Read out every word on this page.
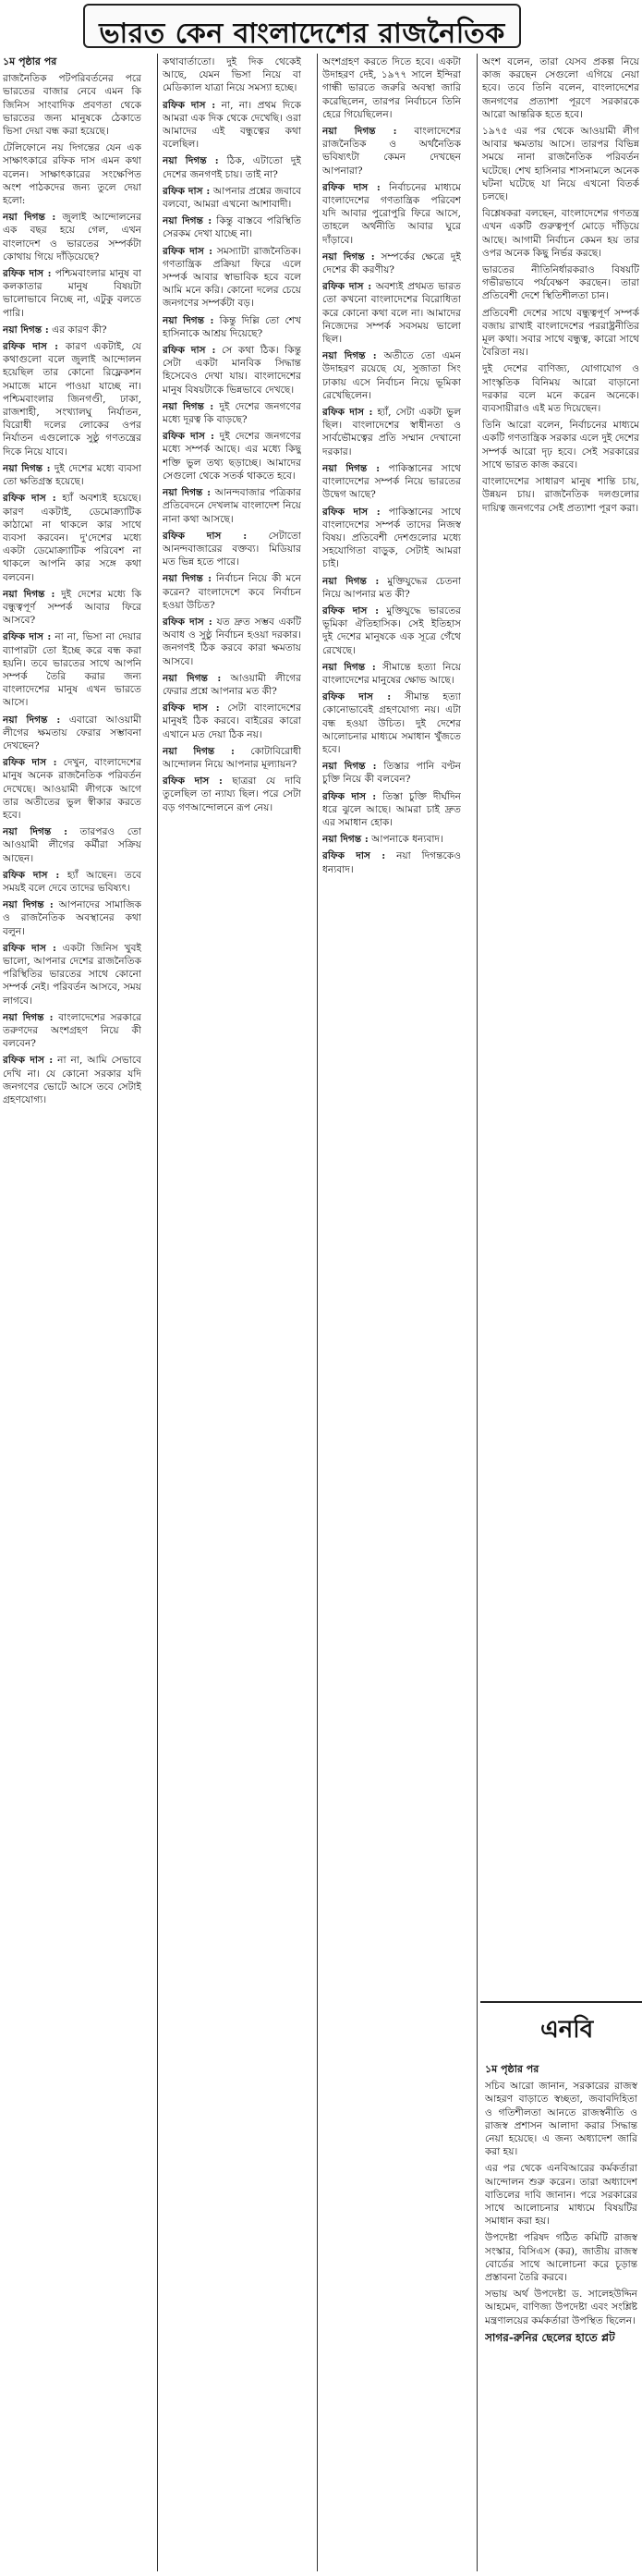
ভারত কেন বাংলাদেশের রাজনৈতিক
১ম পৃষ্ঠার পর

রাজনৈতিক পটপরিবর্তনের পরে ভারতের বাজার নেবে এমন কি জিনিস সাংবাদিক প্রবণতা থেকে ভারতের জন্য মানুষকে ঠেকাতে ভিসা দেয়া বন্ধ করা হয়েছে।

টেলিফোনে নয় দিগন্তের যেন এক সাক্ষাৎকারে রফিক দাস এমন কথা বলেন। সাক্ষাৎকারের সংক্ষেপিত অংশ পাঠকদের জন্য তুলে দেয়া হলো:

নয়া দিগন্ত : জুলাই আন্দোলনের এক বছর হয়ে গেল, এখন বাংলাদেশ ও ভারতের সম্পর্কটা কোথায় গিয়ে দাঁড়িয়েছে?

রফিক দাস : পশ্চিমবাংলার মানুষ বা কলকাতার মানুষ বিষয়টা ভালোভাবে নিচ্ছে না, এটুকু বলতে পারি।

নয়া দিগন্ত : এর কারণ কী?

রফিক দাস : কারণ একটাই, যে কথাগুলো বলে জুলাই আন্দোলন হয়েছিল তার কোনো রিফ্লেকশন সমাজে মানে পাওয়া যাচ্ছে না। পশ্চিমবাংলার জিনগণ্ডী, ঢাকা, রাজশাহী, সংখ্যালঘু নির্যাতন, বিরোধী দলের লোকের ওপর নির্যাতন এগুলোকে সুষ্ঠু গণতন্ত্রের দিকে নিয়ে যাবে।

নয়া দিগন্ত : দুই দেশের মধ্যে ব্যবসা তো ক্ষতিগ্রস্ত হয়েছে।

রফিক দাস : হ্যাঁ অবশ্যই হয়েছে। কারণ একটাই, ডেমোক্র্যাটিক কাঠামো না থাকলে কার সাথে ব্যবসা করবেন। দু'দেশের মধ্যে একটা ডেমোক্র্যাটিক পরিবেশ না থাকলে আপনি কার সঙ্গে কথা বলবেন।

নয়া দিগন্ত : দুই দেশের মধ্যে কি বন্ধুত্বপূর্ণ সম্পর্ক আবার ফিরে আসবে?

রফিক দাস : না না, ভিসা না দেয়ার ব্যাপারটা তো ইচ্ছে করে বন্ধ করা হয়নি। তবে ভারতের সাথে আপনি সম্পর্ক তৈরি করার জন্য বাংলাদেশের মানুষ এখন ভারতে আসে।

নয়া দিগন্ত : এবারো আওয়ামী লীগের ক্ষমতায় ফেরার সম্ভাবনা দেখছেন?

রফিক দাস : দেখুন, বাংলাদেশের মানুষ অনেক রাজনৈতিক পরিবর্তন দেখেছে। আওয়ামী লীগকে আগে তার অতীতের ভুল স্বীকার করতে হবে।

নয়া দিগন্ত : তারপরও তো আওয়ামী লীগের কর্মীরা সক্রিয় আছেন।

রফিক দাস : হ্যাঁ আছেন। তবে সময়ই বলে দেবে তাদের ভবিষ্যৎ।

নয়া দিগন্ত : আপনাদের সামাজিক ও রাজনৈতিক অবস্থানের কথা বলুন।

রফিক দাস : একটা জিনিস খুবই ভালো, আপনার দেশের রাজনৈতিক পরিস্থিতির ভারতের সাথে কোনো সম্পর্ক নেই। পরিবর্তন আসবে, সময় লাগবে।

নয়া দিগন্ত : বাংলাদেশের সরকারে তরুণদের অংশগ্রহণ নিয়ে কী বলবেন?

রফিক দাস : না না, আমি সেভাবে দেখি না। যে কোনো সরকার যদি জনগণের ভোটে আসে তবে সেটাই গ্রহণযোগ্য।

কথাবার্তাতো। দুই দিক থেকেই আছে, যেমন ভিসা নিয়ে বা মেডিক্যাল যাত্রা নিয়ে সমস্যা হচ্ছে।

রফিক দাস : না, না। প্রথম দিকে আমরা এক দিক থেকে দেখেছি। ওরা আমাদের এই বন্ধুত্বের কথা বলেছিল।

নয়া দিগন্ত : ঠিক, এটাতো দুই দেশের জনগণই চায়। তাই না?

রফিক দাস : আপনার প্রশ্নের জবাবে বলবো, আমরা এখনো আশাবাদী।

নয়া দিগন্ত : কিন্তু বাস্তবে পরিস্থিতি সেরকম দেখা যাচ্ছে না।

রফিক দাস : সমস্যাটা রাজনৈতিক। গণতান্ত্রিক প্রক্রিয়া ফিরে এলে সম্পর্ক আবার স্বাভাবিক হবে বলে আমি মনে করি। কোনো দলের চেয়ে জনগণের সম্পর্কটা বড়।

নয়া দিগন্ত : কিন্তু দিল্লি তো শেখ হাসিনাকে আশ্রয় দিয়েছে?

রফিক দাস : সে কথা ঠিক। কিন্তু সেটা একটা মানবিক সিদ্ধান্ত হিসেবেও দেখা যায়। বাংলাদেশের মানুষ বিষয়টাকে ভিন্নভাবে দেখছে।

নয়া দিগন্ত : দুই দেশের জনগণের মধ্যে দূরত্ব কি বাড়ছে?

রফিক দাস : দুই দেশের জনগণের মধ্যে সম্পর্ক আছে। এর মধ্যে কিছু শক্তি ভুল তথ্য ছড়াচ্ছে। আমাদের সেগুলো থেকে সতর্ক থাকতে হবে।

নয়া দিগন্ত : আনন্দবাজার পত্রিকার প্রতিবেদনে দেখলাম বাংলাদেশ নিয়ে নানা কথা আসছে।

রফিক দাস : সেটাতো আনন্দবাজারের বক্তব্য। মিডিয়ার মত ভিন্ন হতে পারে।

নয়া দিগন্ত : নির্বাচন নিয়ে কী মনে করেন? বাংলাদেশে কবে নির্বাচন হওয়া উচিত?

রফিক দাস : যত দ্রুত সম্ভব একটি অবাধ ও সুষ্ঠু নির্বাচন হওয়া দরকার। জনগণই ঠিক করবে কারা ক্ষমতায় আসবে।

নয়া দিগন্ত : আওয়ামী লীগের ফেরার প্রশ্নে আপনার মত কী?

রফিক দাস : সেটা বাংলাদেশের মানুষই ঠিক করবে। বাইরের কারো এখানে মত দেয়া ঠিক নয়।

নয়া দিগন্ত : কোটাবিরোধী আন্দোলন নিয়ে আপনার মূল্যায়ন?

রফিক দাস : ছাত্ররা যে দাবি তুলেছিল তা ন্যায্য ছিল। পরে সেটা বড় গণআন্দোলনে রূপ নেয়।

অংশগ্রহণ করতে দিতে হবে। একটা উদাহরণ দেই, ১৯৭৭ সালে ইন্দিরা গান্ধী ভারতে জরুরি অবস্থা জারি করেছিলেন, তারপর নির্বাচনে তিনি হেরে গিয়েছিলেন।

নয়া দিগন্ত : বাংলাদেশের রাজনৈতিক ও অর্থনৈতিক ভবিষ্যৎটা কেমন দেখছেন আপনারা?

রফিক দাস : নির্বাচনের মাধ্যমে বাংলাদেশের গণতান্ত্রিক পরিবেশ যদি আবার পুরোপুরি ফিরে আসে, তাহলে অর্থনীতি আবার ঘুরে দাঁড়াবে।

নয়া দিগন্ত : সম্পর্কের ক্ষেত্রে দুই দেশের কী করণীয়?

রফিক দাস : অবশ্যই প্রথমত ভারত তো কখনো বাংলাদেশের বিরোধিতা করে কোনো কথা বলে না। আমাদের নিজেদের সম্পর্ক সবসময় ভালো ছিল।

নয়া দিগন্ত : অতীতে তো এমন উদাহরণ রয়েছে যে, সুজাতা সিং ঢাকায় এসে নির্বাচন নিয়ে ভূমিকা রেখেছিলেন।

রফিক দাস : হ্যাঁ, সেটা একটা ভুল ছিল। বাংলাদেশের স্বাধীনতা ও সার্বভৌমত্বের প্রতি সম্মান দেখানো দরকার।

নয়া দিগন্ত : পাকিস্তানের সাথে বাংলাদেশের সম্পর্ক নিয়ে ভারতের উদ্বেগ আছে?

রফিক দাস : পাকিস্তানের সাথে বাংলাদেশের সম্পর্ক তাদের নিজস্ব বিষয়। প্রতিবেশী দেশগুলোর মধ্যে সহযোগিতা বাড়ুক, সেটাই আমরা চাই।

নয়া দিগন্ত : মুক্তিযুদ্ধের চেতনা নিয়ে আপনার মত কী?

রফিক দাস : মুক্তিযুদ্ধে ভারতের ভূমিকা ঐতিহাসিক। সেই ইতিহাস দুই দেশের মানুষকে এক সূত্রে গেঁথে রেখেছে।

নয়া দিগন্ত : সীমান্তে হত্যা নিয়ে বাংলাদেশের মানুষের ক্ষোভ আছে।

রফিক দাস : সীমান্ত হত্যা কোনোভাবেই গ্রহণযোগ্য নয়। এটা বন্ধ হওয়া উচিত। দুই দেশের আলোচনার মাধ্যমে সমাধান খুঁজতে হবে।

নয়া দিগন্ত : তিস্তার পানি বণ্টন চুক্তি নিয়ে কী বলবেন?

রফিক দাস : তিস্তা চুক্তি দীর্ঘদিন ধরে ঝুলে আছে। আমরা চাই দ্রুত এর সমাধান হোক।

নয়া দিগন্ত : আপনাকে ধন্যবাদ।

রফিক দাস : নয়া দিগন্তকেও ধন্যবাদ।

অংশ বলেন, তারা যেসব প্রকল্প নিয়ে কাজ করছেন সেগুলো এগিয়ে নেয়া হবে। তবে তিনি বলেন, বাংলাদেশের জনগণের প্রত্যাশা পূরণে সরকারকে আরো আন্তরিক হতে হবে।

১৯৭৫ এর পর থেকে আওয়ামী লীগ আবার ক্ষমতায় আসে। তারপর বিভিন্ন সময়ে নানা রাজনৈতিক পরিবর্তন ঘটেছে। শেখ হাসিনার শাসনামলে অনেক ঘটনা ঘটেছে যা নিয়ে এখনো বিতর্ক চলছে।

বিশ্লেষকরা বলছেন, বাংলাদেশের গণতন্ত্র এখন একটি গুরুত্বপূর্ণ মোড়ে দাঁড়িয়ে আছে। আগামী নির্বাচন কেমন হয় তার ওপর অনেক কিছু নির্ভর করছে।

ভারতের নীতিনির্ধারকরাও বিষয়টি গভীরভাবে পর্যবেক্ষণ করছেন। তারা প্রতিবেশী দেশে স্থিতিশীলতা চান।

প্রতিবেশী দেশের সাথে বন্ধুত্বপূর্ণ সম্পর্ক বজায় রাখাই বাংলাদেশের পররাষ্ট্রনীতির মূল কথা। সবার সাথে বন্ধুত্ব, কারো সাথে বৈরিতা নয়।

দুই দেশের বাণিজ্য, যোগাযোগ ও সাংস্কৃতিক বিনিময় আরো বাড়ানো দরকার বলে মনে করেন অনেকে। ব্যবসায়ীরাও এই মত দিয়েছেন।

তিনি আরো বলেন, নির্বাচনের মাধ্যমে একটি গণতান্ত্রিক সরকার এলে দুই দেশের সম্পর্ক আরো দৃঢ় হবে। সেই সরকারের সাথে ভারত কাজ করবে।

বাংলাদেশের সাধারণ মানুষ শান্তি চায়, উন্নয়ন চায়। রাজনৈতিক দলগুলোর দায়িত্ব জনগণের সেই প্রত্যাশা পূরণ করা।

এনবি
১ম পৃষ্ঠার পর

সচিব আরো জানান, সরকারের রাজস্ব আহরণ বাড়াতে স্বচ্ছতা, জবাবদিহিতা ও গতিশীলতা আনতে রাজস্বনীতি ও রাজস্ব প্রশাসন আলাদা করার সিদ্ধান্ত নেয়া হয়েছে। এ জন্য অধ্যাদেশ জারি করা হয়।

এর পর থেকে এনবিআরের কর্মকর্তারা আন্দোলন শুরু করেন। তারা অধ্যাদেশ বাতিলের দাবি জানান। পরে সরকারের সাথে আলোচনার মাধ্যমে বিষয়টির সমাধান করা হয়।

উপদেষ্টা পরিষদ গঠিত কমিটি রাজস্ব সংস্কার, বিসিএস (কর), জাতীয় রাজস্ব বোর্ডের সাথে আলোচনা করে চূড়ান্ত প্রস্তাবনা তৈরি করবে।

সভায় অর্থ উপদেষ্টা ড. সালেহউদ্দিন আহমেদ, বাণিজ্য উপদেষ্টা এবং সংশ্লিষ্ট মন্ত্রণালয়ের কর্মকর্তারা উপস্থিত ছিলেন।

সাগর-রুনির ছেলের হাতে প্লট
